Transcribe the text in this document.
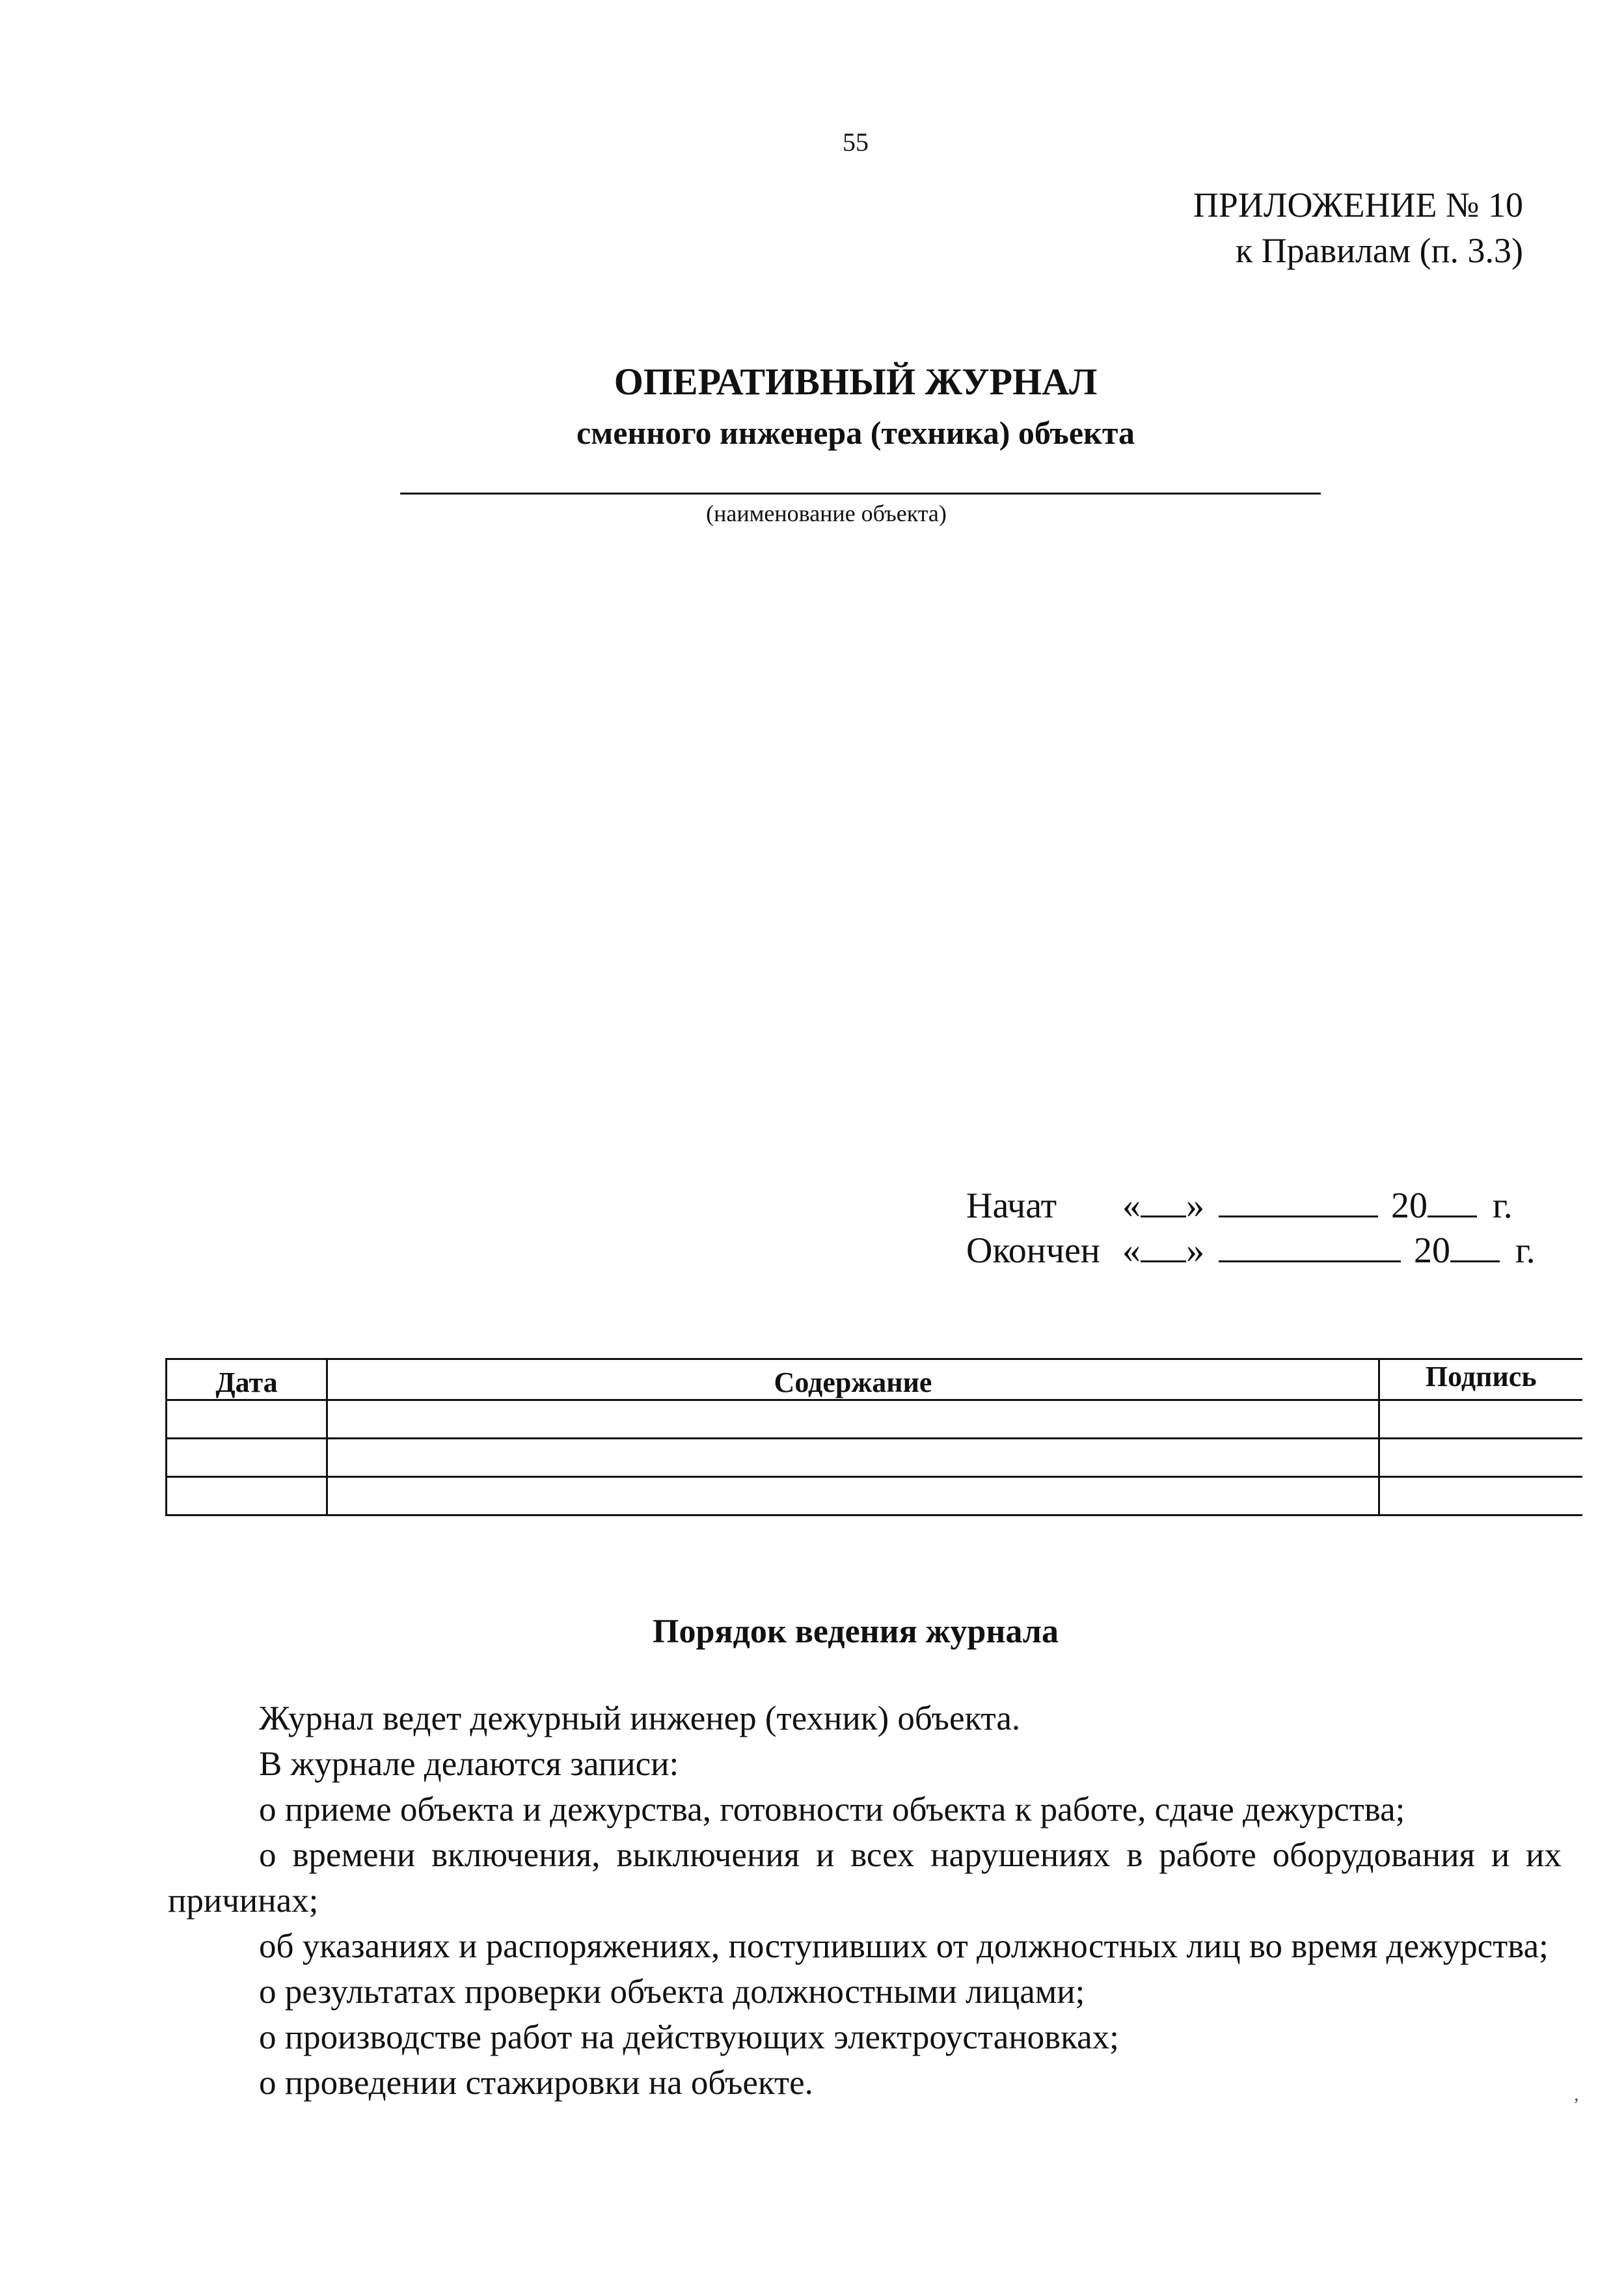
55
ПРИЛОЖЕНИЕ № 10
к Правилам (п. 3.3)
ОПЕРАТИВНЫЙ ЖУРНАЛ
сменного инженера (техника) объекта
(наименование объекта)
Начат « »	20 г.
Окончен « »	20 г.
Дата	Содержание	Подпись

Порядок ведения журнала

Журнал ведет дежурный инженер (техник) объекта.

В журнале делаются записи:

о приеме объекта и дежурства, готовности объекта к работе, сдаче дежурства;

о времени включения, выключения и всех нарушениях в работе оборудования и их причинах;

об указаниях и распоряжениях, поступивших от должностных лиц во время дежурства;

о результатах проверки объекта должностными лицами;

о производстве работ на действующих электроустановках;

о проведении стажировки на объекте.

ʼ
